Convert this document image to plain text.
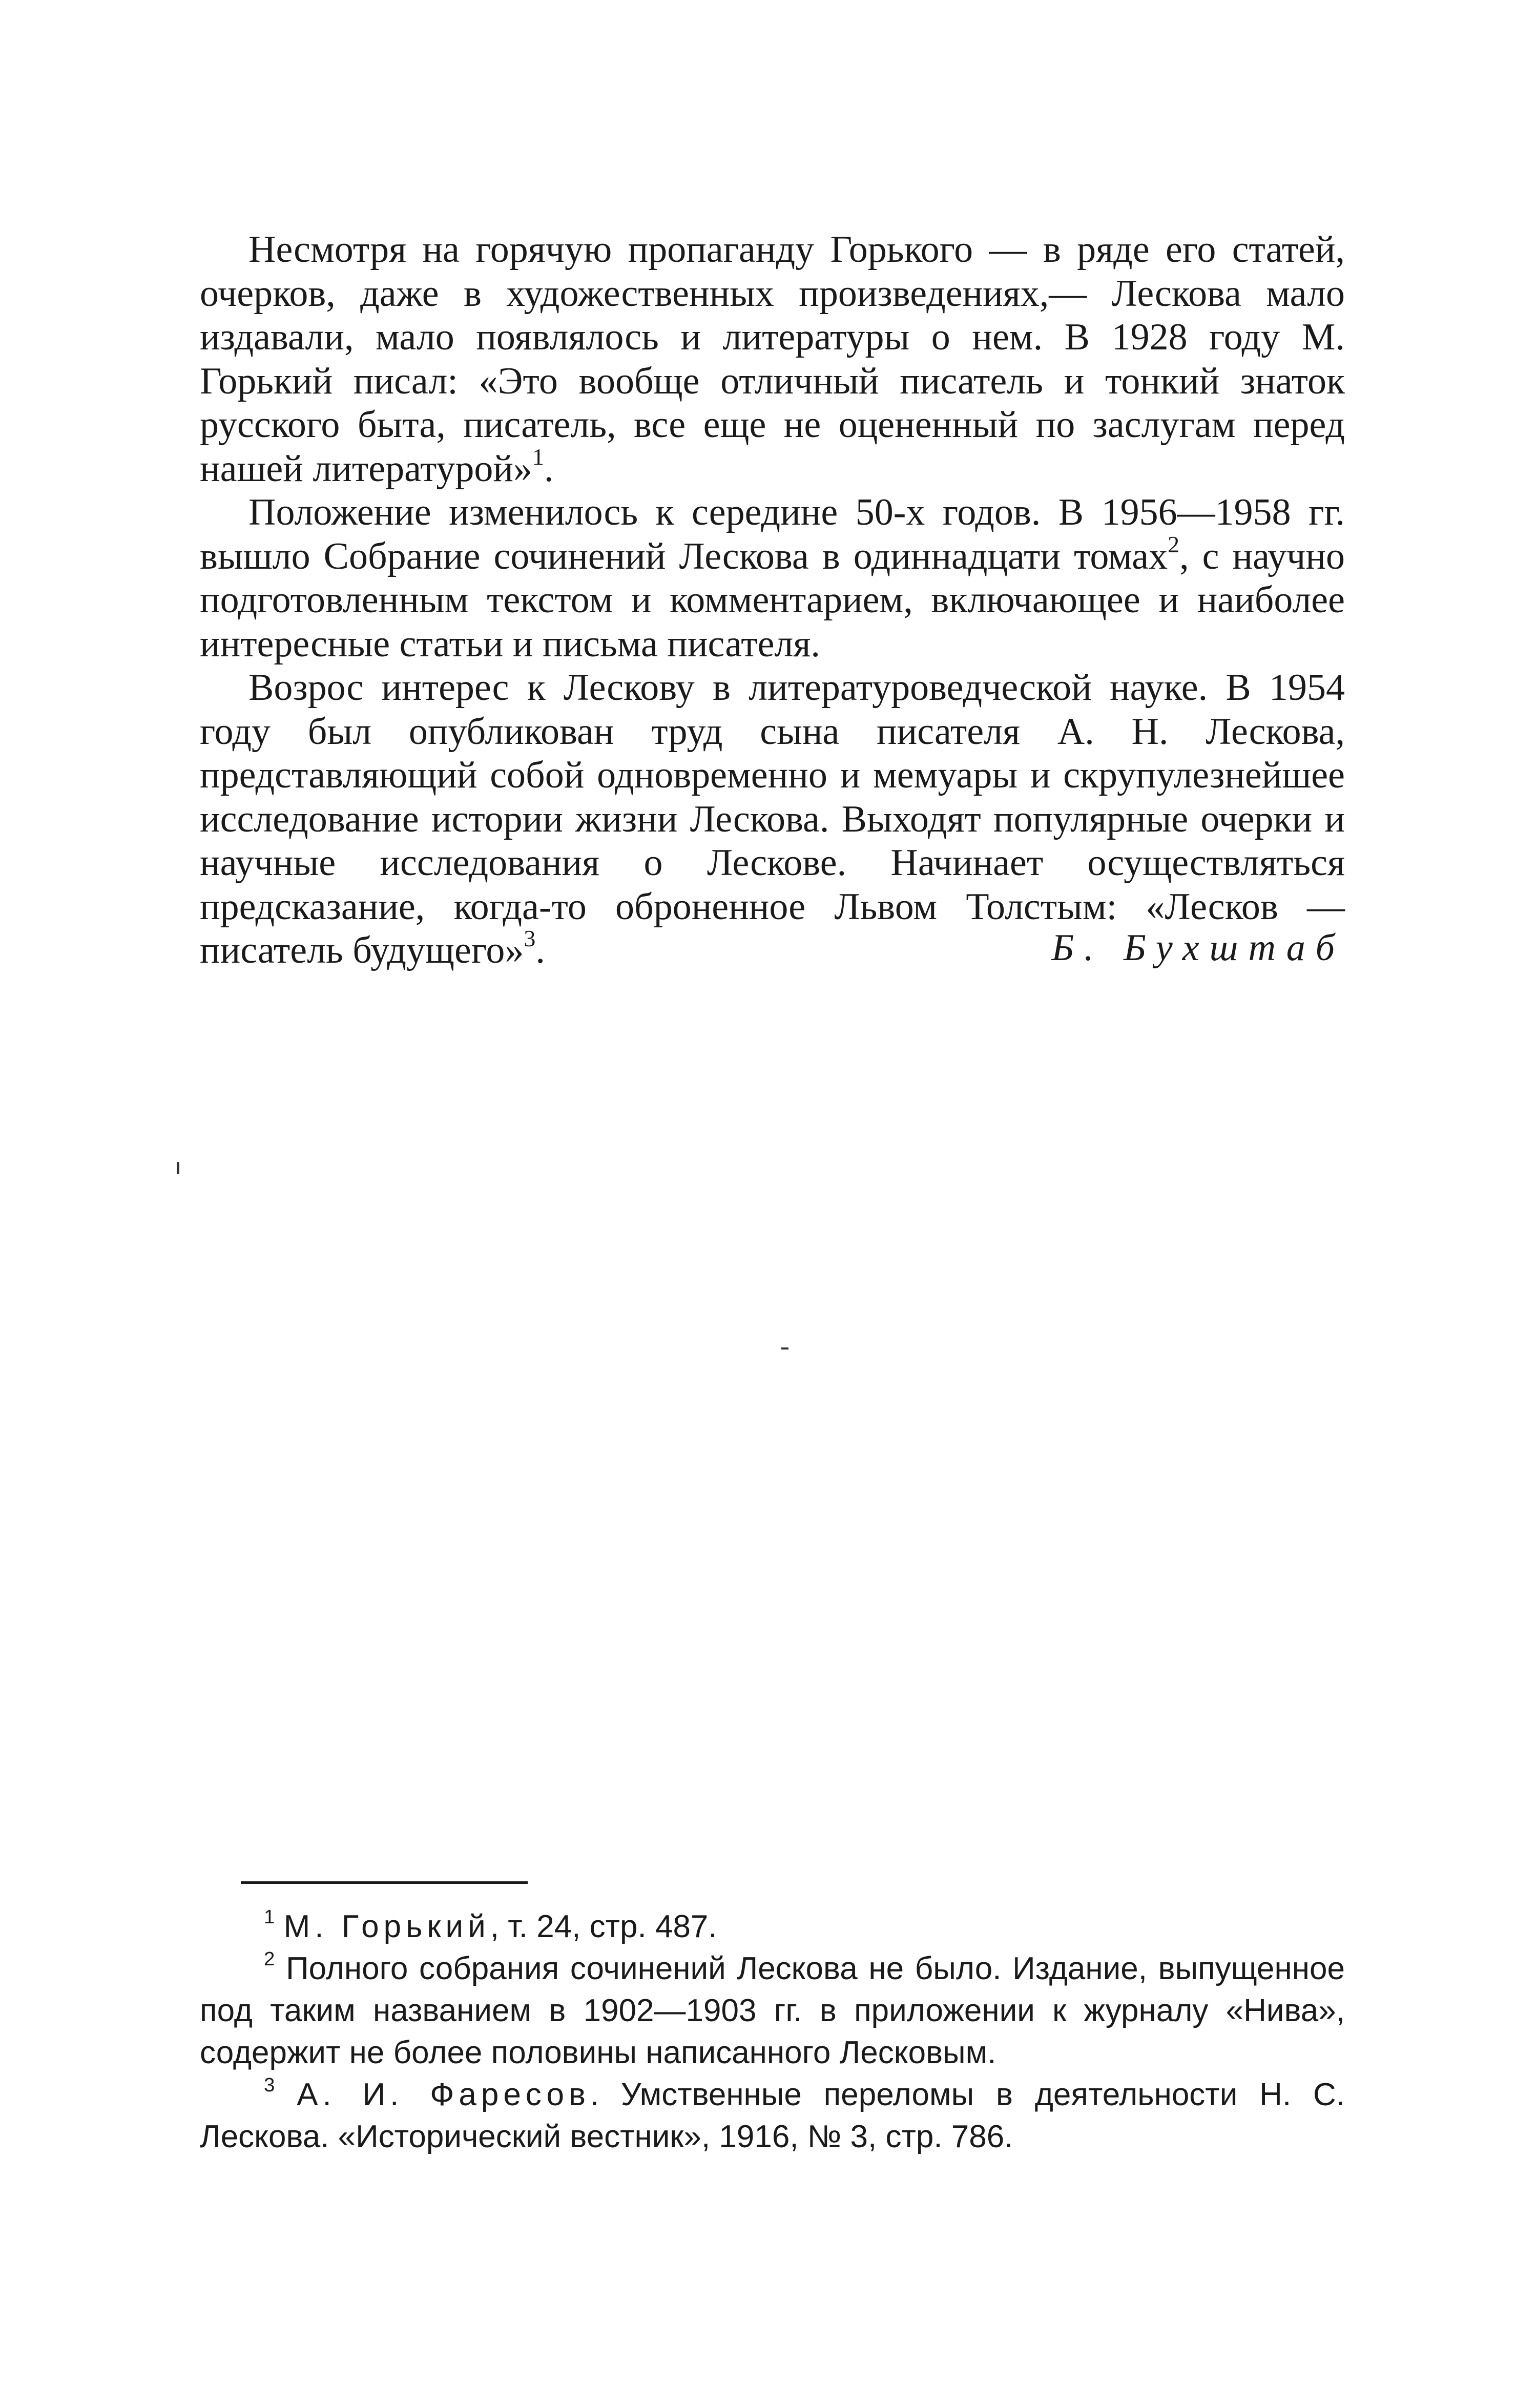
Несмотря на горячую пропаганду Горького — в ряде его статей, очерков, даже в художественных произведениях,— Лескова мало издавали, мало появлялось и литературы о нем. В 1928 году М. Горький писал: «Это вообще отличный писатель и тонкий знаток русского быта, писатель, все еще не оцененный по заслугам перед нашей литературой»$^1$.

Положение изменилось к середине 50-х годов. В 1956—1958 гг. вышло Собрание сочинений Лескова в одиннадцати томах$^2$, с научно подготовленным текстом и комментарием, включающее и наиболее интересные статьи и письма писателя.

Возрос интерес к Лескову в литературоведческой науке. В 1954 году был опубликован труд сына писателя А. Н. Лескова, представляющий собой одновременно и мемуары и скрупулезнейшее исследование истории жизни Лескова. Выходят популярные очерки и научные исследования о Лескове. Начинает осуществляться предсказание, когда-то оброненное Львом Толстым: «Лесков — писатель будущего»$^3$.	Б. Бухштаб

$^1$ М. Горький, т. 24, стр. 487.

$^2$ Полного собрания сочинений Лескова не было. Издание, выпущенное под таким названием в 1902—1903 гг. в приложении к журналу «Нива», содержит не более половины написанного Лесковым.

$^3$ А. И. Фаресов. Умственные переломы в деятельности Н. С. Лескова. «Исторический вестник», 1916, № 3, стр. 786.
